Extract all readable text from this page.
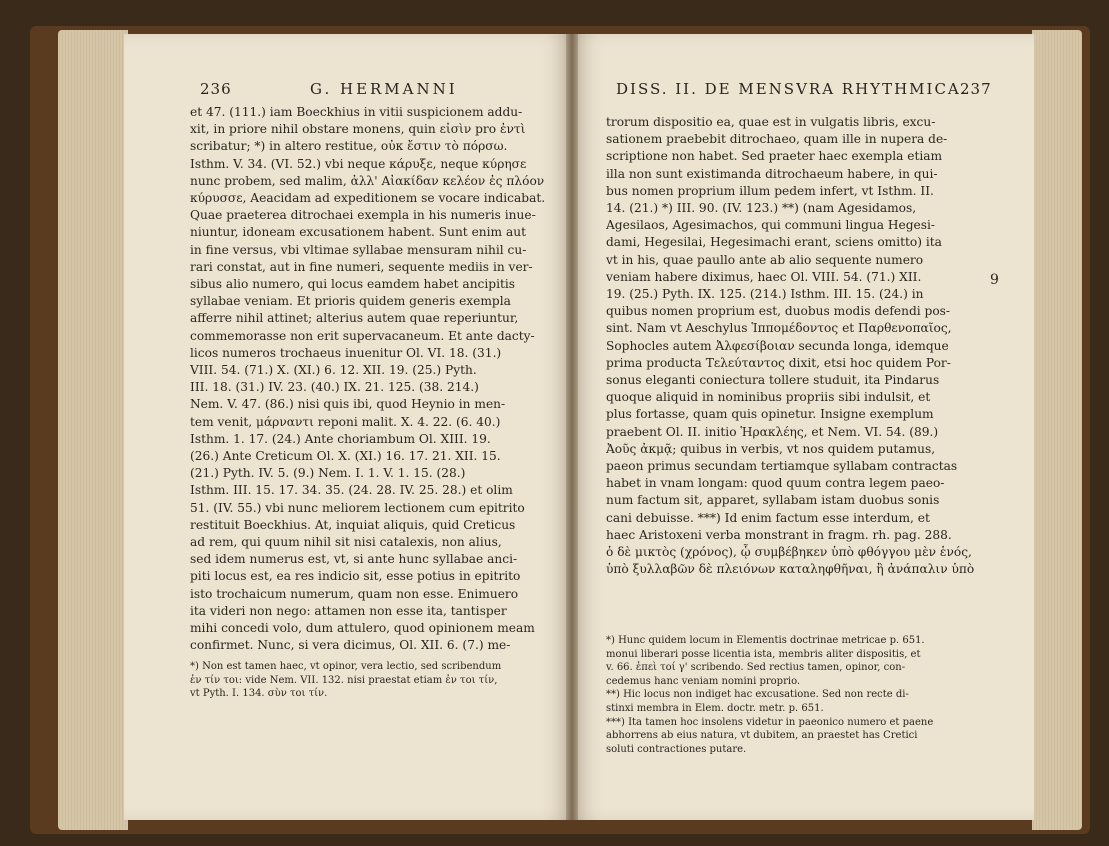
236	G. HERMANNI
et 47. (111.) iam Boeckhius in vitii suspicionem addu-
xit, in priore nihil obstare monens, quin εἰσὶν pro ἐντὶ
scribatur; *) in altero restitue, οὐκ ἔστιν τὸ πόρσω.
Isthm. V. 34. (VI. 52.) vbi neque κάρυξε, neque κύρησε
nunc probem, sed malim, ἀλλ' Αἰακίδαν κελέον ἐς πλόον
κύρυσσε, Aeacidam ad expeditionem se vocare indicabat.
Quae praeterea ditrochaei exempla in his numeris inue-
niuntur, idoneam excusationem habent. Sunt enim aut
in fine versus, vbi vltimae syllabae mensuram nihil cu-
rari constat, aut in fine numeri, sequente mediis in ver-
sibus alio numero, qui locus eamdem habet ancipitis
syllabae veniam. Et prioris quidem generis exempla
afferre nihil attinet; alterius autem quae reperiuntur,
commemorasse non erit supervacaneum. Et ante dacty-
licos numeros trochaeus inuenitur Ol. VI. 18. (31.)
VIII. 54. (71.) X. (XI.) 6. 12. XII. 19. (25.) Pyth.
III. 18. (31.) IV. 23. (40.) IX. 21. 125. (38. 214.)
Nem. V. 47. (86.) nisi quis ibi, quod Heynio in men-
tem venit, μάρναντι reponi malit. X. 4. 22. (6. 40.)
Isthm. 1. 17. (24.) Ante choriambum Ol. XIII. 19.
(26.) Ante Creticum Ol. X. (XI.) 16. 17. 21. XII. 15.
(21.) Pyth. IV. 5. (9.) Nem. I. 1. V. 1. 15. (28.)
Isthm. III. 15. 17. 34. 35. (24. 28. IV. 25. 28.) et olim
51. (IV. 55.) vbi nunc meliorem lectionem cum epitrito
restituit Boeckhius. At, inquiat aliquis, quid Creticus
ad rem, qui quum nihil sit nisi catalexis, non alius,
sed idem numerus est, vt, si ante hunc syllabae anci-
piti locus est, ea res indicio sit, esse potius in epitrito
isto trochaicum numerum, quam non esse. Enimuero
ita videri non nego: attamen non esse ita, tantisper
mihi concedi volo, dum attulero, quod opinionem meam
confirmet. Nunc, si vera dicimus, Ol. XII. 6. (7.) me-
*) Non est tamen haec, vt opinor, vera lectio, sed scribendum
ἐν τίν τοι: vide Nem. VII. 132. nisi praestat etiam ἐν τοι τίν,
vt Pyth. I. 134. σὺν τοι τίν.
DISS. II. DE MENSVRA RHYTHMICA.
237
trorum dispositio ea, quae est in vulgatis libris, excu-
sationem praebebit ditrochaeo, quam ille in nupera de-
scriptione non habet. Sed praeter haec exempla etiam
illa non sunt existimanda ditrochaeum habere, in qui-
bus nomen proprium illum pedem infert, vt Isthm. II.
14. (21.) *) III. 90. (IV. 123.) **) (nam Agesidamos,
Agesilaos, Agesimachos, qui communi lingua Hegesi-
dami, Hegesilai, Hegesimachi erant, sciens omitto) ita
vt in his, quae paullo ante ab alio sequente numero
veniam habere diximus, haec Ol. VIII. 54. (71.) XII.
19. (25.) Pyth. IX. 125. (214.) Isthm. III. 15. (24.) in
quibus nomen proprium est, duobus modis defendi pos-
sint. Nam vt Aeschylus Ἱππομέδοντος et Παρθενοπαῖος,
Sophocles autem Ἀλφεσίβοιαν secunda longa, idemque
prima producta Τελεύταντος dixit, etsi hoc quidem Por-
sonus eleganti coniectura tollere studuit, ita Pindarus
quoque aliquid in nominibus propriis sibi indulsit, et
plus fortasse, quam quis opinetur. Insigne exemplum
praebent Ol. II. initio Ἡρακλέης, et Nem. VI. 54. (89.)
Ἀοῦς ἀκμᾷ; quibus in verbis, vt nos quidem putamus,
paeon primus secundam tertiamque syllabam contractas
habet in vnam longam: quod quum contra legem paeo-
num factum sit, apparet, syllabam istam duobus sonis
cani debuisse. ***) Id enim factum esse interdum, et
haec Aristoxeni verba monstrant in fragm. rh. pag. 288.
ὁ δὲ μικτὸς (χρόνος), ᾧ συμβέβηκεν ὑπὸ φθόγγου μὲν ἑνός,
ὑπὸ ξυλλαβῶν δὲ πλειόνων καταληφθῆναι, ἢ ἀνάπαλιν ὑπὸ
9
*) Hunc quidem locum in Elementis doctrinae metricae p. 651.
monui liberari posse licentia ista, membris aliter dispositis, et
v. 66. ἐπεὶ τοί γ' scribendo. Sed rectius tamen, opinor, con-
cedemus hanc veniam nomini proprio.
**) Hic locus non indiget hac excusatione. Sed non recte di-
stinxi membra in Elem. doctr. metr. p. 651.
***) Ita tamen hoc insolens videtur in paeonico numero et paene
abhorrens ab eius natura, vt dubitem, an praestet has Cretici
soluti contractiones putare.
